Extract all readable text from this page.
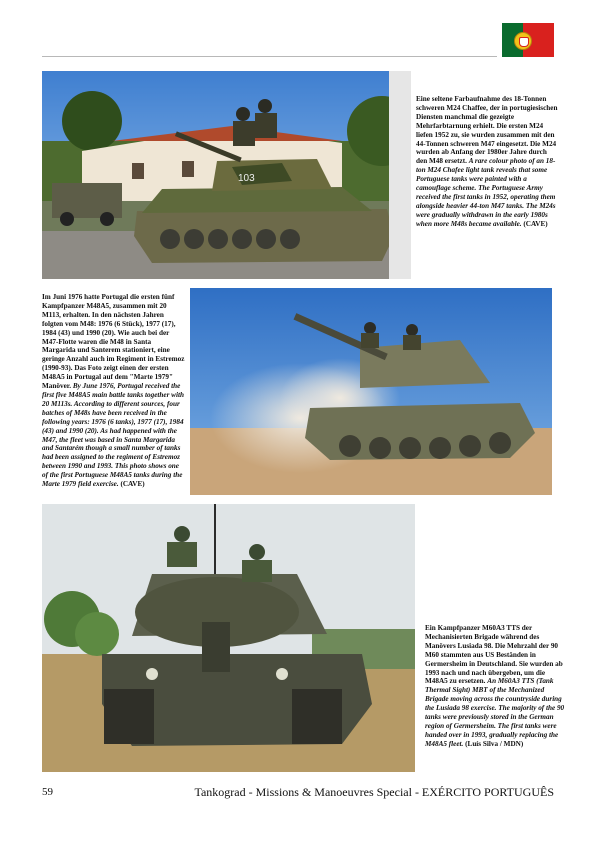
103
Eine seltene Farbaufnahme des 18-Tonnen schweren M24 Chaffee, der in portugiesischen Diensten manchmal die gezeigte Mehrfarbtarnung erhielt. Die ersten M24 liefen 1952 zu, sie wurden zusammen mit den 44-Tonnen schweren M47 eingesetzt. Die M24 wurden ab Anfang der 1980er Jahre durch den M48 ersetzt. A rare colour photo of an 18-ton M24 Chafee light tank reveals that some Portuguese tanks were painted with a camouflage scheme. The Portuguese Army received the first tanks in 1952, operating them alongside heavier 44-ton M47 tanks. The M24s were gradually withdrawn in the early 1980s when more M48s became available. (CAVE)
Im Juni 1976 hatte Portugal die ersten fünf Kampfpanzer M48A5, zusammen mit 20 M113, erhalten. In den nächsten Jahren folgten vom M48: 1976 (6 Stück), 1977 (17), 1984 (43) und 1990 (20). Wie auch bei der M47-Flotte waren die M48 in Santa Margarida und Santerem stationiert, eine geringe Anzahl auch im Regiment in Estremoz (1990-93). Das Foto zeigt einen der ersten M48A5 in Portugal auf dem "Marte 1979" Manöver. By June 1976, Portugal received the first five M48A5 main battle tanks together with 20 M113s. According to different sources, four batches of M48s have been received in the following years: 1976 (6 tanks), 1977 (17), 1984 (43) and 1990 (20). As had happened with the M47, the fleet was based in Santa Margarida and Santarém though a small number of tanks had been assigned to the regiment of Estremoz between 1990 and 1993. This photo shows one of the first Portuguese M48A5 tanks during the Marte 1979 field exercise. (CAVE)
Ein Kampfpanzer M60A3 TTS der Mechanisierten Brigade während des Manövers Lusiada 98. Die Mehrzahl der 90 M60 stammten aus US Beständen in Germersheim in Deutschland. Sie wurden ab 1993 nach und nach übergeben, um die M48A5 zu ersetzen. An M60A3 TTS (Tank Thermal Sight) MBT of the Mechanized Brigade moving across the countryside during the Lusiada 98 exercise. The majority of the 90 tanks were previously stored in the German region of Germersheim. The first tanks were handed over in 1993, gradually replacing the M48A5 fleet. (Luís Silva / MDN)
59	Tankograd - Missions & Manoeuvres Special - EXÉRCITO PORTUGUÊS
